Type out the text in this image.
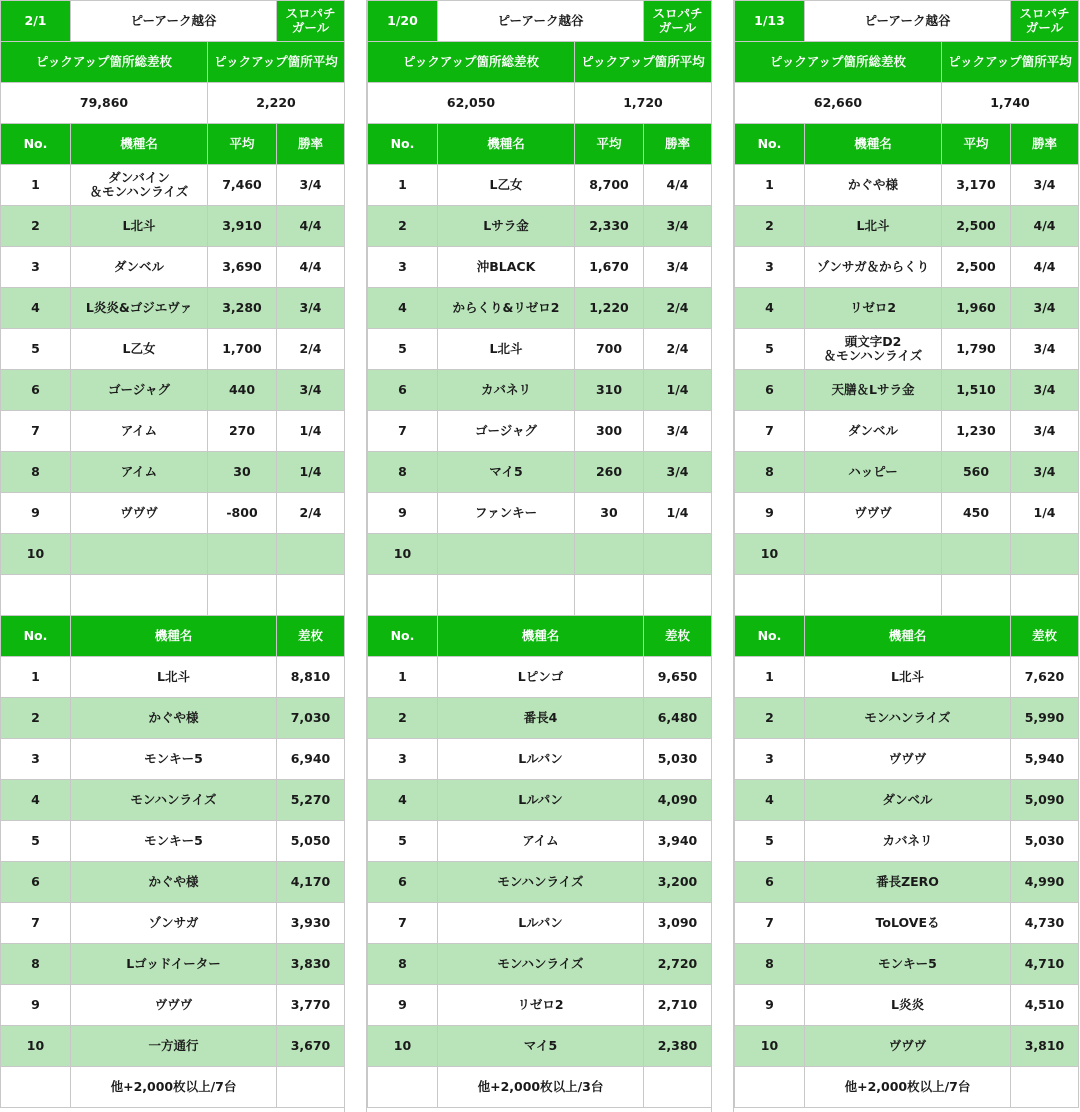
2/1	ピーアーク越谷	スロパチ
ガール
ピックアップ箇所総差枚	ピックアップ箇所平均
79,860	2,220
No.	機種名	平均	勝率
1	ダンバイン
＆モンハンライズ	7,460	3/4
2	L北斗	3,910	4/4
3	ダンベル	3,690	4/4
4	L炎炎&ゴジエヴァ	3,280	3/4
5	L乙女	1,700	2/4
6	ゴージャグ	440	3/4
7	アイム	270	1/4
8	アイム	30	1/4
9	ヴヴヴ	-800	2/4
10
No.	機種名	差枚
1	L北斗	8,810
2	かぐや様	7,030
3	モンキー5	6,940
4	モンハンライズ	5,270
5	モンキー5	5,050
6	かぐや様	4,170
7	ゾンサガ	3,930
8	Lゴッドイーター	3,830
9	ヴヴヴ	3,770
10	一方通行	3,670
他+2,000枚以上/7台
1/20	ピーアーク越谷	スロパチ
ガール
ピックアップ箇所総差枚	ピックアップ箇所平均
62,050	1,720
No.	機種名	平均	勝率
1	L乙女	8,700	4/4
2	Lサラ金	2,330	3/4
3	沖BLACK	1,670	3/4
4	からくり&リゼロ2	1,220	2/4
5	L北斗	700	2/4
6	カバネリ	310	1/4
7	ゴージャグ	300	3/4
8	マイ5	260	3/4
9	ファンキー	30	1/4
10
No.	機種名	差枚
1	Lピンゴ	9,650
2	番長4	6,480
3	Lルパン	5,030
4	Lルパン	4,090
5	アイム	3,940
6	モンハンライズ	3,200
7	Lルパン	3,090
8	モンハンライズ	2,720
9	リゼロ2	2,710
10	マイ5	2,380
他+2,000枚以上/3台
1/13	ピーアーク越谷	スロパチ
ガール
ピックアップ箇所総差枚	ピックアップ箇所平均
62,660	1,740
No.	機種名	平均	勝率
1	かぐや様	3,170	3/4
2	L北斗	2,500	4/4
3	ゾンサガ＆からくり	2,500	4/4
4	リゼロ2	1,960	3/4
5	頭文字D2
＆モンハンライズ	1,790	3/4
6	天膳＆Lサラ金	1,510	3/4
7	ダンベル	1,230	3/4
8	ハッピー	560	3/4
9	ヴヴヴ	450	1/4
10
No.	機種名	差枚
1	L北斗	7,620
2	モンハンライズ	5,990
3	ヴヴヴ	5,940
4	ダンベル	5,090
5	カバネリ	5,030
6	番長ZERO	4,990
7	ToLOVEる	4,730
8	モンキー5	4,710
9	L炎炎	4,510
10	ヴヴヴ	3,810
他+2,000枚以上/7台
